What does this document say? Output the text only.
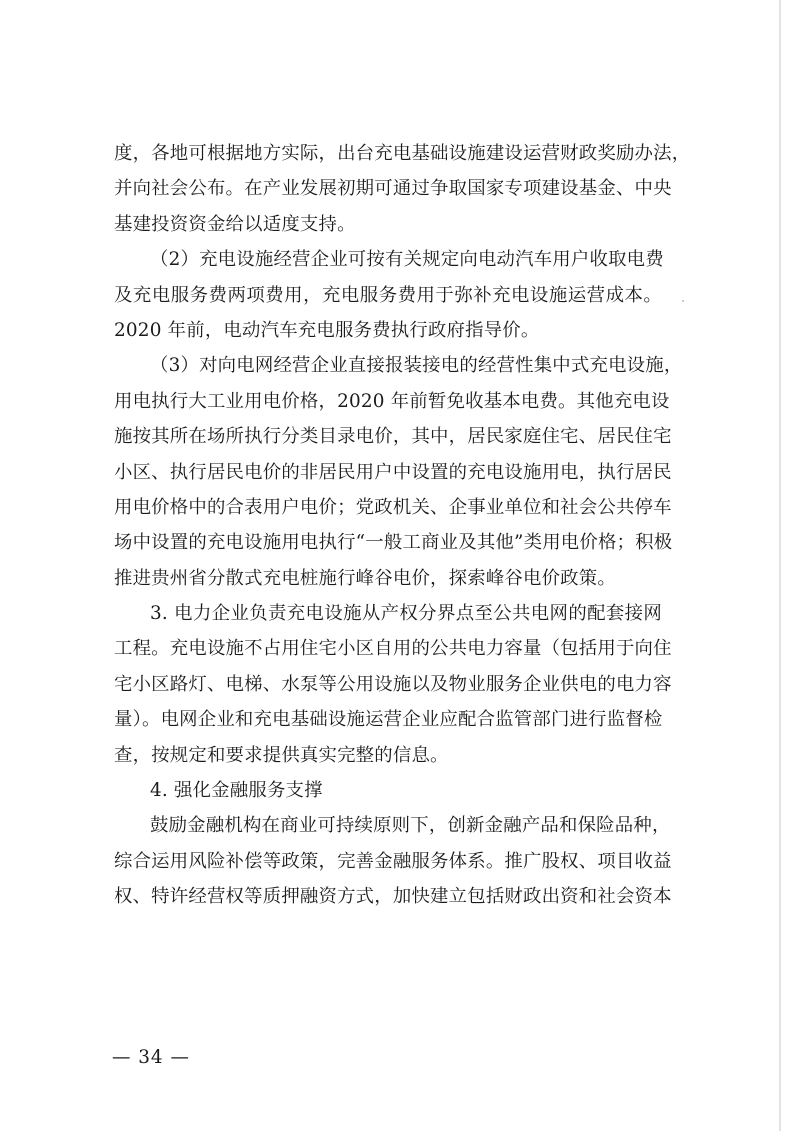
度，各地可根据地方实际，出台充电基础设施建设运营财政奖励办法，
并向社会公布。在产业发展初期可通过争取国家专项建设基金、中央
基建投资资金给以适度支持。
（2）充电设施经营企业可按有关规定向电动汽车用户收取电费
及充电服务费两项费用，充电服务费用于弥补充电设施运营成本。
2020 年前，电动汽车充电服务费执行政府指导价。
（3）对向电网经营企业直接报装接电的经营性集中式充电设施，
用电执行大工业用电价格，2020 年前暂免收基本电费。其他充电设
施按其所在场所执行分类目录电价，其中，居民家庭住宅、居民住宅
小区、执行居民电价的非居民用户中设置的充电设施用电，执行居民
用电价格中的合表用户电价；党政机关、企事业单位和社会公共停车
场中设置的充电设施用电执行“一般工商业及其他”类用电价格；积极
推进贵州省分散式充电桩施行峰谷电价，探索峰谷电价政策。
3. 电力企业负责充电设施从产权分界点至公共电网的配套接网
工程。充电设施不占用住宅小区自用的公共电力容量（包括用于向住
宅小区路灯、电梯、水泵等公用设施以及物业服务企业供电的电力容
量）。电网企业和充电基础设施运营企业应配合监管部门进行监督检
查，按规定和要求提供真实完整的信息。
4. 强化金融服务支撑
鼓励金融机构在商业可持续原则下，创新金融产品和保险品种，
综合运用风险补偿等政策，完善金融服务体系。推广股权、项目收益
权、特许经营权等质押融资方式，加快建立包括财政出资和社会资本
— 34 —
